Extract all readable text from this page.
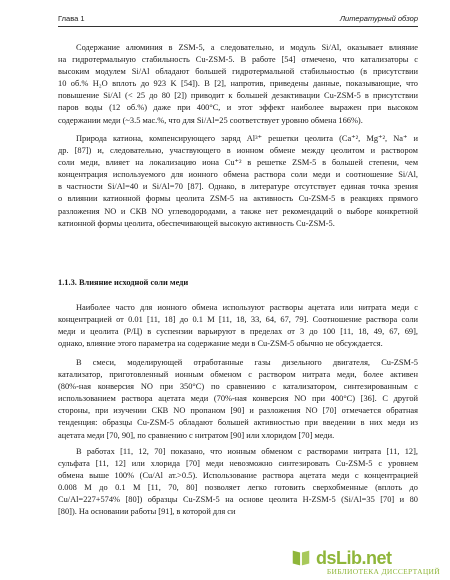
Глава 1	Литературный обзор
Содержание алюминия в ZSM-5, а следовательно, и модуль Si/Al, оказывает влияние
на гидротермальную стабильность Cu-ZSM-5. В работе [54] отмечено, что катализаторы с
высоким модулем Si/Al обладают большей гидротермальной стабильностью (в присутствии
10 об.% H₂O вплоть до 923 K [54]). В [2], напротив, приведены данные, показывающие, что
повышение Si/Al (< 25 до 80 [2]) приводит к большей дезактивации Cu-ZSM-5 в присутствии
паров воды (12 об.%) даже при 400°C, и этот эффект наиболее выражен при высоком
содержании меди (~3.5 мас.%, что для Si/Al=25 соответствует уровню обмена 166%).
Природа катиона, компенсирующего заряд Al³⁺ решетки цеолита (Ca⁺², Mg⁺², Na⁺ и
др. [87]) и, следовательно, участвующего в ионном обмене между цеолитом и раствором
соли меди, влияет на локализацию иона Cu⁺² в решетке ZSM-5 в большей степени, чем
концентрация используемого для ионного обмена раствора соли меди и соотношение Si/Al,
в частности Si/Al=40 и Si/Al=70 [87]. Однако, в литературе отсутствует единая точка зрения
о влиянии катионной формы цеолита ZSM-5 на активность Cu-ZSM-5 в реакциях прямого
разложения NO и СКВ NO углеводородами, а также нет рекомендаций о выборе конкретной
катионной формы цеолита, обеспечивающей высокую активность Cu-ZSM-5.
1.1.3. Влияние исходной соли меди
Наиболее часто для ионного обмена используют растворы ацетата или нитрата меди с
концентрацией от 0.01 [11, 18] до 0.1 М [11, 18, 33, 64, 67, 79]. Соотношение раствора соли
меди и цеолита (Р/Ц) в суспензии варьируют в пределах от 3 до 100 [11, 18, 49, 67, 69],
однако, влияние этого параметра на содержание меди в Cu-ZSM-5 обычно не обсуждается.
В смеси, моделирующей отработанные газы дизельного двигателя, Cu-ZSM-5
катализатор, приготовленный ионным обменом с раствором нитрата меди, более активен
(80%-ная конверсия NO при 350°C) по сравнению с катализатором, синтезированным с
использованием раствора ацетата меди (70%-ная конверсия NO при 400°C) [36]. С другой
стороны, при изучении СКВ NO пропаном [90] и разложения NO [70] отмечается обратная
тенденция: образцы Cu-ZSM-5 обладают большей активностью при введении в них меди из
ацетата меди [70, 90], по сравнению с нитратом [90] или хлоридом [70] меди.
В работах [11, 12, 70] показано, что ионным обменом с растворами нитрата [11, 12],
сульфата [11, 12] или хлорида [70] меди невозможно синтезировать Cu-ZSM-5 с уровнем
обмена выше 100% (Cu/Al ат.>0.5). Использование раствора ацетата меди с концентрацией
0.008 М до 0.1 М [11, 70, 80] позволяет легко готовить сверхобменные (вплоть до
Cu/Al=227+574% [80]) образцы Cu-ZSM-5 на основе цеолита H-ZSM-5 (Si/Al=35 [70] и 80
[80]). На основании работы [91], в которой для си
dsLib.net
БИБЛИОТЕКА ДИССЕРТАЦИЙ
